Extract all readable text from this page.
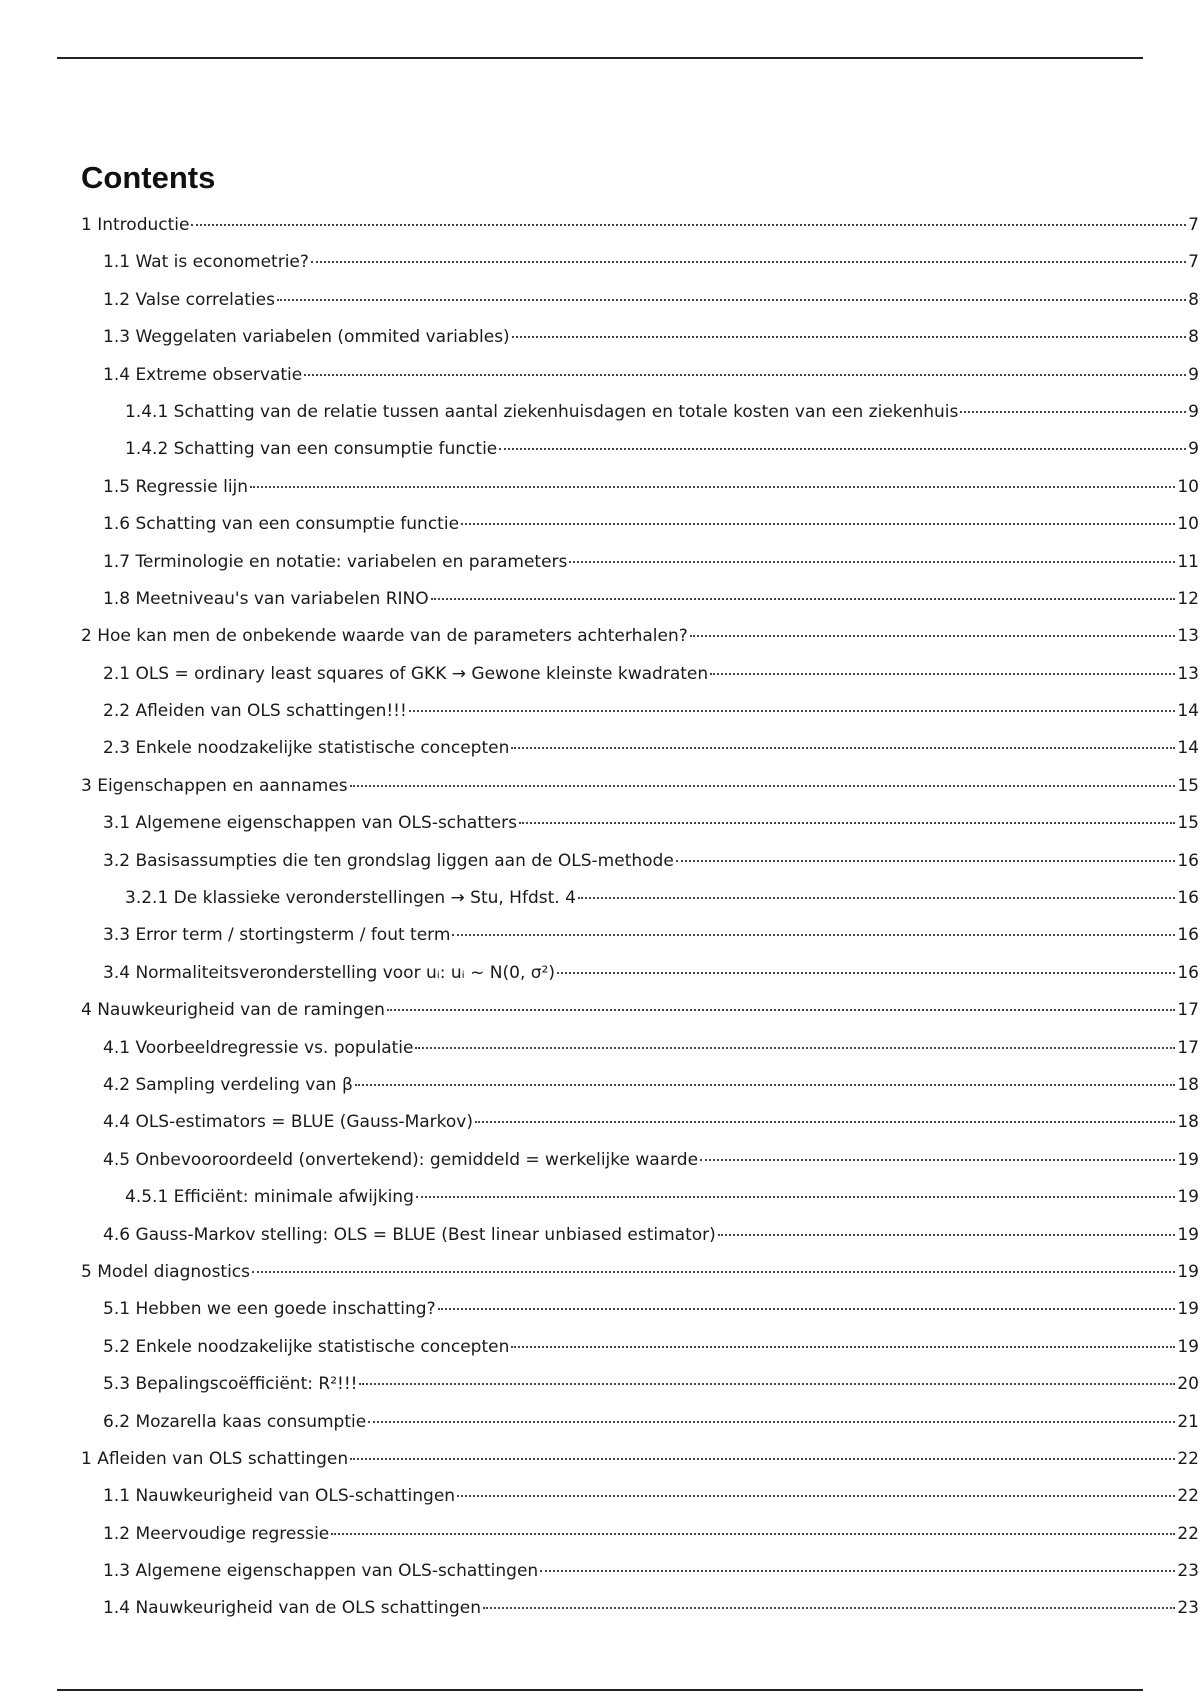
Contents
1 Introductie	7
1.1 Wat is econometrie?	7
1.2 Valse correlaties	8
1.3 Weggelaten variabelen (ommited variables)	8
1.4 Extreme observatie	9
1.4.1 Schatting van de relatie tussen aantal ziekenhuisdagen en totale kosten van een ziekenhuis	9
1.4.2 Schatting van een consumptie functie	9
1.5 Regressie lijn	10
1.6 Schatting van een consumptie functie	10
1.7 Terminologie en notatie: variabelen en parameters	11
1.8 Meetniveau's van variabelen RINO	12
2 Hoe kan men de onbekende waarde van de parameters achterhalen?	13
2.1 OLS = ordinary least squares of GKK → Gewone kleinste kwadraten	13
2.2 Afleiden van OLS schattingen!!!	14
2.3 Enkele noodzakelijke statistische concepten	14
3 Eigenschappen en aannames	15
3.1 Algemene eigenschappen van OLS-schatters	15
3.2 Basisassumpties die ten grondslag liggen aan de OLS-methode	16
3.2.1 De klassieke veronderstellingen → Stu, Hfdst. 4	16
3.3 Error term / stortingsterm / fout term	16
3.4 Normaliteitsveronderstelling voor uᵢ: uᵢ ~ N(0, σ²)	16
4 Nauwkeurigheid van de ramingen	17
4.1 Voorbeeldregressie vs. populatie	17
4.2 Sampling verdeling van β	18
4.4 OLS-estimators = BLUE (Gauss-Markov)	18
4.5 Onbevooroordeeld (onvertekend): gemiddeld = werkelijke waarde	19
4.5.1 Efficiënt: minimale afwijking	19
4.6 Gauss-Markov stelling: OLS = BLUE (Best linear unbiased estimator)	19
5 Model diagnostics	19
5.1 Hebben we een goede inschatting?	19
5.2 Enkele noodzakelijke statistische concepten	19
5.3 Bepalingscoëfficiënt: R²!!!	20
6.2 Mozarella kaas consumptie	21
1 Afleiden van OLS schattingen	22
1.1 Nauwkeurigheid van OLS-schattingen	22
1.2 Meervoudige regressie	22
1.3 Algemene eigenschappen van OLS-schattingen	23
1.4 Nauwkeurigheid van de OLS schattingen	23
